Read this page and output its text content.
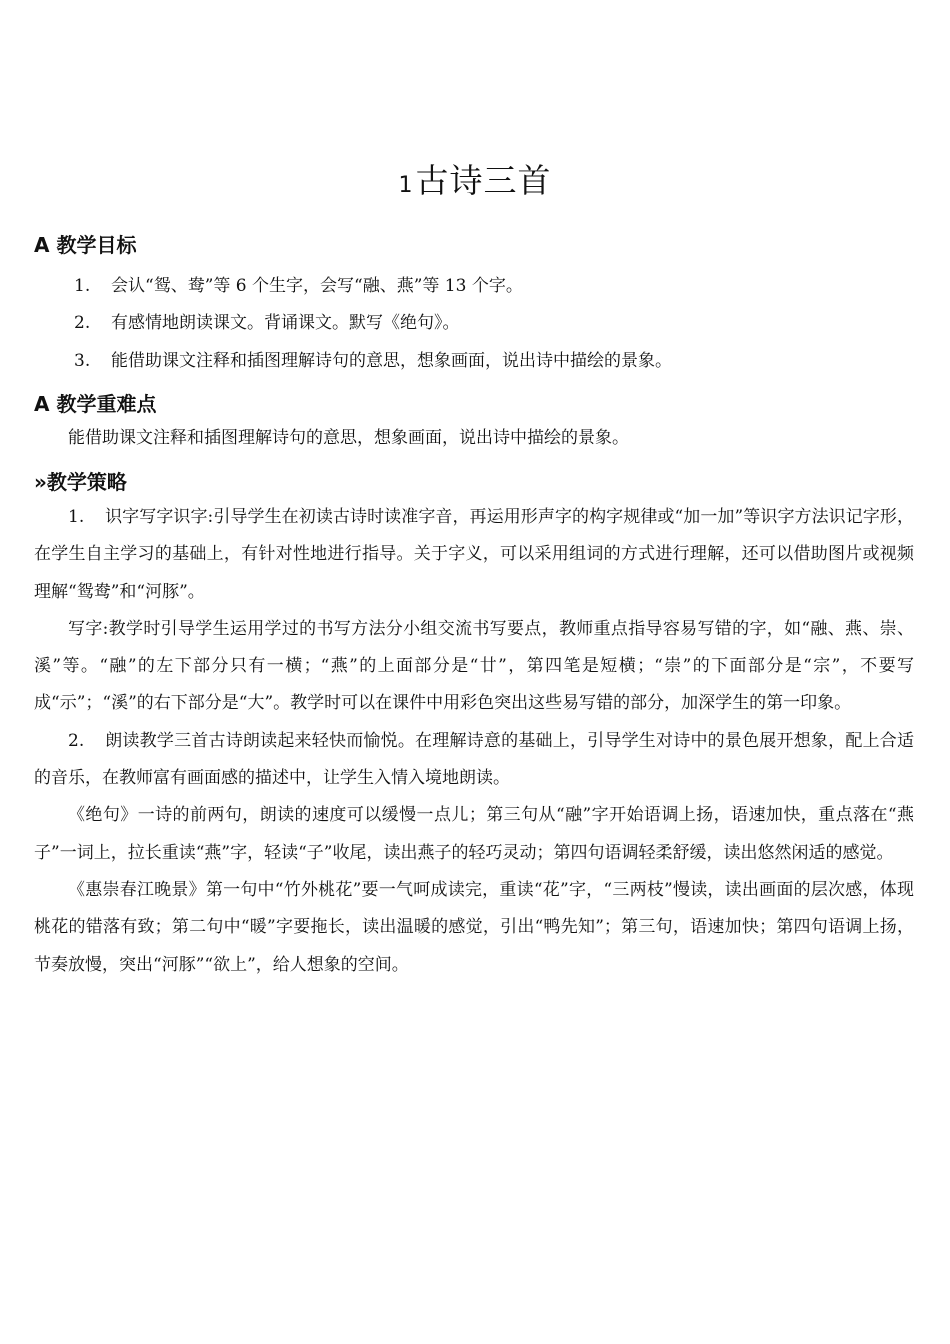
1古诗三首
A 教学目标
1. 会认“鸳、鸯”等 6 个生字，会写“融、燕”等 13 个字。
2. 有感情地朗读课文。背诵课文。默写《绝句》。
3. 能借助课文注释和插图理解诗句的意思，想象画面，说出诗中描绘的景象。
A 教学重难点

能借助课文注释和插图理解诗句的意思，想象画面，说出诗中描绘的景象。

»教学策略

1. 识字写字识字:引导学生在初读古诗时读准字音，再运用形声字的构字规律或“加一加”等识字方法识记字形，在学生自主学习的基础上，有针对性地进行指导。关于字义，可以采用组词的方式进行理解，还可以借助图片或视频理解“鸳鸯”和“河豚”。

写字:教学时引导学生运用学过的书写方法分小组交流书写要点，教师重点指导容易写错的字，如“融、燕、崇、溪”等。“融”的左下部分只有一横；“燕”的上面部分是“廿”，第四笔是短横；“崇”的下面部分是“宗”，不要写成“示”；“溪”的右下部分是“大”。教学时可以在课件中用彩色突出这些易写错的部分，加深学生的第一印象。

2. 朗读教学三首古诗朗读起来轻快而愉悦。在理解诗意的基础上，引导学生对诗中的景色展开想象，配上合适的音乐，在教师富有画面感的描述中，让学生入情入境地朗读。

《绝句》一诗的前两句，朗读的速度可以缓慢一点儿；第三句从“融”字开始语调上扬，语速加快，重点落在“燕子”一词上，拉长重读“燕”字，轻读“子”收尾，读出燕子的轻巧灵动；第四句语调轻柔舒缓，读出悠然闲适的感觉。

《惠崇春江晚景》第一句中“竹外桃花”要一气呵成读完，重读“花”字，“三两枝”慢读，读出画面的层次感，体现桃花的错落有致；第二句中“暖”字要拖长，读出温暖的感觉，引出“鸭先知”；第三句，语速加快；第四句语调上扬，节奏放慢，突出“河豚”“欲上”，给人想象的空间。
